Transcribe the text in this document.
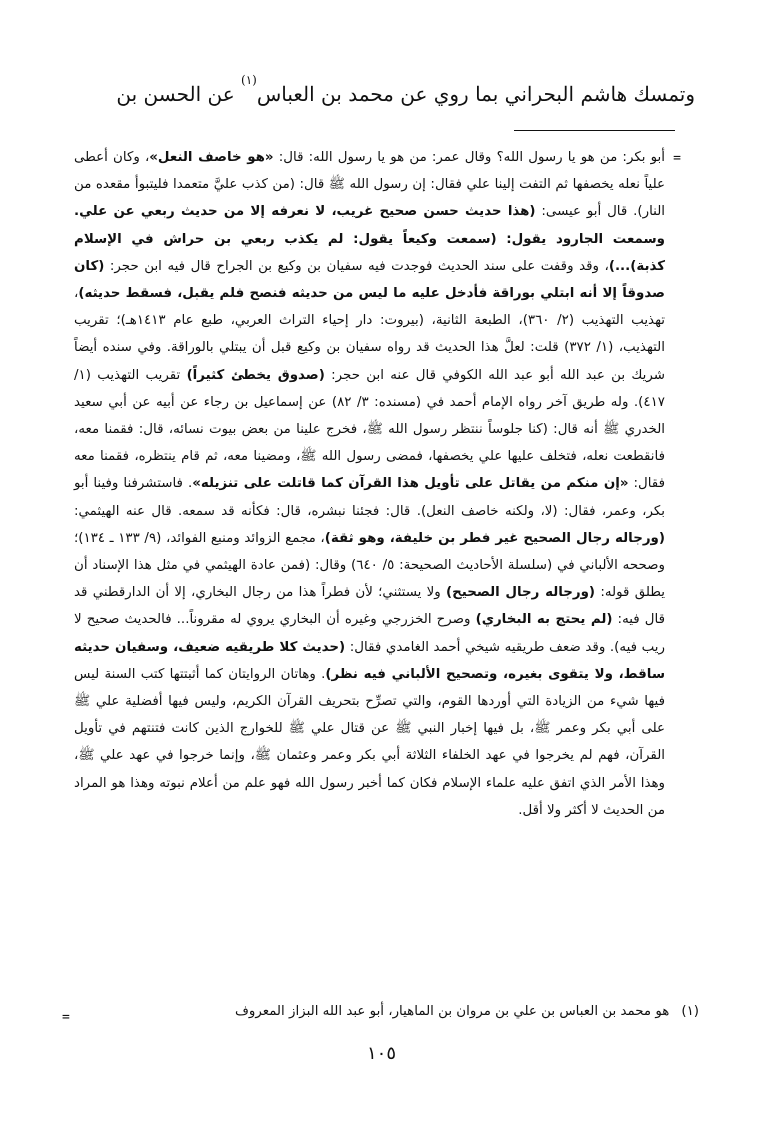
وتمسك هاشم البحراني بما روي عن محمد بن العباس$^{(١)}$ عن الحسن بن
=

أبو بكر: من هو يا رسول الله؟ وقال عمر: من هو يا رسول الله: قال: «هو خاصف النعل»، وكان أعطى علياً نعله يخصفها ثم التفت إلينا علي فقال: إن رسول الله ﷺ قال: (من كذب عليَّ متعمدا فليتبوأ مقعده من النار). قال أبو عيسى: (هذا حديث حسن صحيح غريب، لا نعرفه إلا من حديث ربعي عن علي. وسمعت الجارود يقول: (سمعت وكيعاً يقول: لم يكذب ربعي بن حراش في الإسلام كذبة)...)، وقد وقفت على سند الحديث فوجدت فيه سفيان بن وكيع بن الجراح قال فيه ابن حجر: (كان صدوقاً إلا أنه ابتلي بوراقة فأدخل عليه ما ليس من حديثه فنصح فلم يقبل، فسقط حديثه)، تهذيب التهذيب (٢/ ٣٦٠)، الطبعة الثانية، (بيروت: دار إحياء التراث العربي، طبع عام ١٤١٣هـ)؛ تقريب التهذيب، (١/ ٣٧٢) قلت: لعلَّ هذا الحديث قد رواه سفيان بن وكيع قبل أن يبتلي بالوراقة. وفي سنده أيضاً شريك بن عبد الله أبو عبد الله الكوفي قال عنه ابن حجر: (صدوق يخطئ كثيراً) تقريب التهذيب (١/ ٤١٧). وله طريق آخر رواه الإمام أحمد في (مسنده: ٣/ ٨٢) عن إسماعيل بن رجاء عن أبيه عن أبي سعيد الخدري ﷺ أنه قال: (كنا جلوساً ننتظر رسول الله ﷺ، فخرج علينا من بعض بيوت نسائه، قال: فقمنا معه، فانقطعت نعله، فتخلف عليها علي يخصفها، فمضى رسول الله ﷺ، ومضينا معه، ثم قام ينتظره، فقمنا معه فقال: «إن منكم من يقاتل على تأويل هذا القرآن كما قاتلت على تنزيله». فاستشرفنا وفينا أبو بكر، وعمر، فقال: (لا، ولكنه خاصف النعل). قال: فجئنا نبشره، قال: فكأنه قد سمعه. قال عنه الهيثمي: (ورجاله رجال الصحيح غير فطر بن خليفة، وهو ثقة)، مجمع الزوائد ومنبع الفوائد، (٩/ ١٣٣ ـ ١٣٤)؛ وصححه الألباني في (سلسلة الأحاديث الصحيحة: ٥/ ٦٤٠) وقال: (فمن عادة الهيثمي في مثل هذا الإسناد أن يطلق قوله: (ورجاله رجال الصحيح) ولا يستثني؛ لأن فطراً هذا من رجال البخاري، إلا أن الدارقطني قد قال فيه: (لم يحتج به البخاري) وصرح الخزرجي وغيره أن البخاري يروي له مقروناً... فالحديث صحيح لا ريب فيه). وقد ضعف طريقيه شيخي أحمد الغامدي فقال: (حديث كلا طريقيه ضعيف، وسفيان حديثه ساقط، ولا يتقوى بغيره، وتصحيح الألباني فيه نظر). وهاتان الروايتان كما أثبتتها كتب السنة ليس فيها شيء من الزيادة التي أوردها القوم، والتي تصرِّح بتحريف القرآن الكريم، وليس فيها أفضلية علي ﷺ على أبي بكر وعمر ﷺ، بل فيها إخبار النبي ﷺ عن قتال علي ﷺ للخوارج الذين كانت فتنتهم في تأويل القرآن، فهم لم يخرجوا في عهد الخلفاء الثلاثة أبي بكر وعمر وعثمان ﷺ، وإنما خرجوا في عهد علي ﷺ، وهذا الأمر الذي اتفق عليه علماء الإسلام فكان كما أخبر رسول الله فهو علم من أعلام نبوته وهذا هو المراد من الحديث لا أكثر ولا أقل.

(١)هو محمد بن العباس بن علي بن مروان بن الماهيار، أبو عبد الله البزاز المعروف
=
١٠٥
